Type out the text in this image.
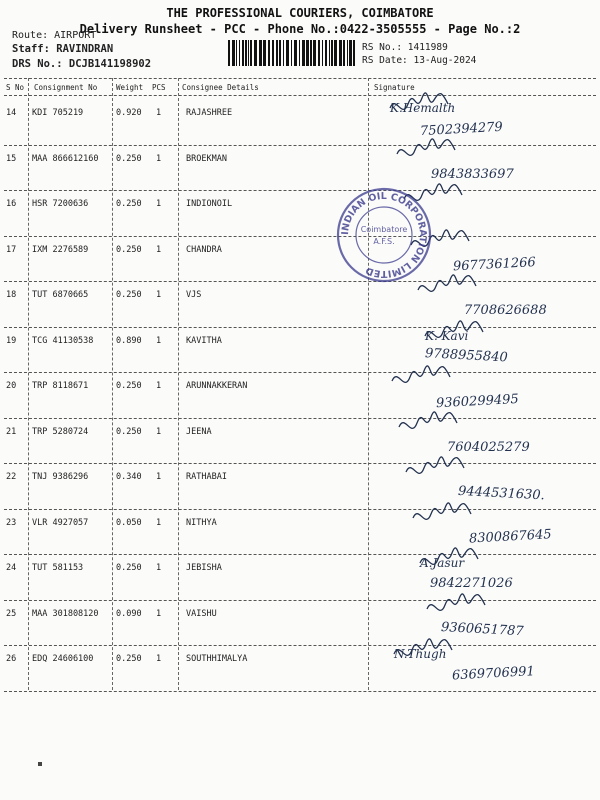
THE PROFESSIONAL COURIERS, COIMBATORE
Delivery Runsheet - PCC - Phone No.:0422-3505555 - Page No.:2
Route: AIRPORT
Staff: RAVINDRAN
DRS No.: DCJB141198902
RS No.: 1411989
RS Date: 13-Aug-2024
S No Consignment No	Weight PCS Consignee Details	Signature
14 KDI 705219	0.920 1	RAJASHREE	K.Hemalth
7502394279
15 MAA 866612160 0.250 1	BROEKMAN
9843833697
16 HSR 7200636	0.250 1	INDIONOIL
17 IXM 2276589	0.250 1	CHANDRA
9677361266
18 TUT 6870665	0.250 1	VJS
7708626688
19 TCG 41130538	0.890 1	KAVITHA	K. Kavi
9788955840
20 TRP 8118671	0.250 1	ARUNNAKKERAN
9360299495
21 TRP 5280724	0.250 1	JEENA
7604025279
22 TNJ 9386296	0.340 1	RATHABAI
9444531630.
23 VLR 4927057	0.050 1	NITHYA
8300867645
24 TUT 581153	0.250 1	JEBISHA	A.Jasur
9842271026
25 MAA 301808120 0.090 1	VAISHU
9360651787
26 EDQ 24606100	0.250 1	SOUTHHIMALYA	N.Thugh
6369706991
INDIAN OIL CORPORATION LIMITED
Coimbatore
A.F.S.
